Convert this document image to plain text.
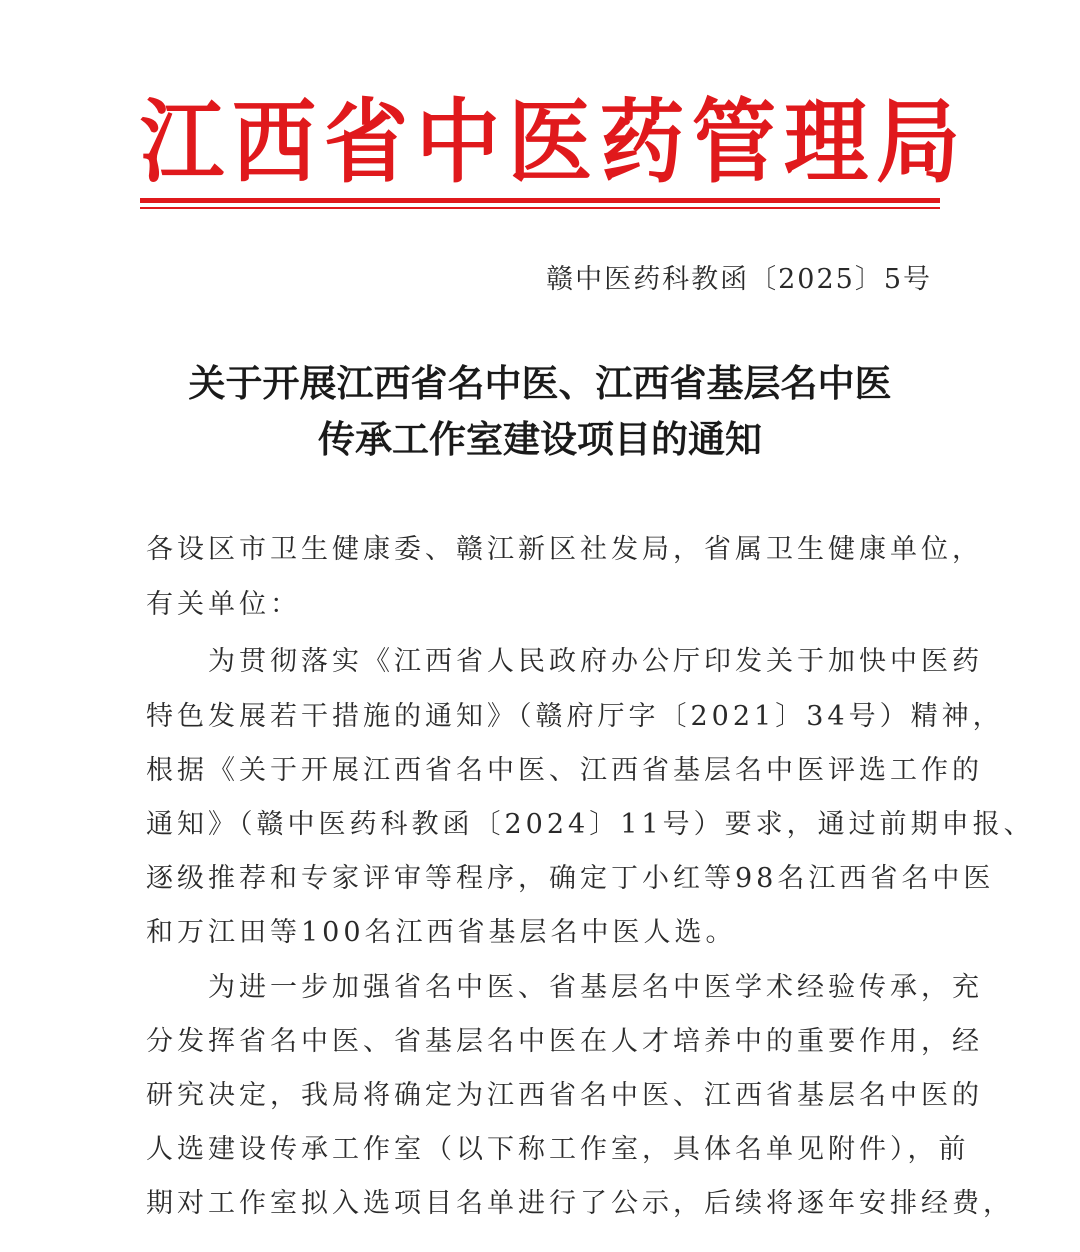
江西省中医药管理局
赣中医药科教函〔2025〕5号
关于开展江西省名中医、江西省基层名中医
传承工作室建设项目的通知
各设区市卫生健康委、赣江新区社发局，省属卫生健康单位，
有关单位：
　　为贯彻落实《江西省人民政府办公厅印发关于加快中医药
特色发展若干措施的通知》（赣府厅字〔2021〕34号）精神，
根据《关于开展江西省名中医、江西省基层名中医评选工作的
通知》（赣中医药科教函〔2024〕11号）要求，通过前期申报、
逐级推荐和专家评审等程序，确定丁小红等98名江西省名中医
和万江田等100名江西省基层名中医人选。
　　为进一步加强省名中医、省基层名中医学术经验传承，充
分发挥省名中医、省基层名中医在人才培养中的重要作用，经
研究决定，我局将确定为江西省名中医、江西省基层名中医的
人选建设传承工作室（以下称工作室，具体名单见附件），前
期对工作室拟入选项目名单进行了公示，后续将逐年安排经费，
